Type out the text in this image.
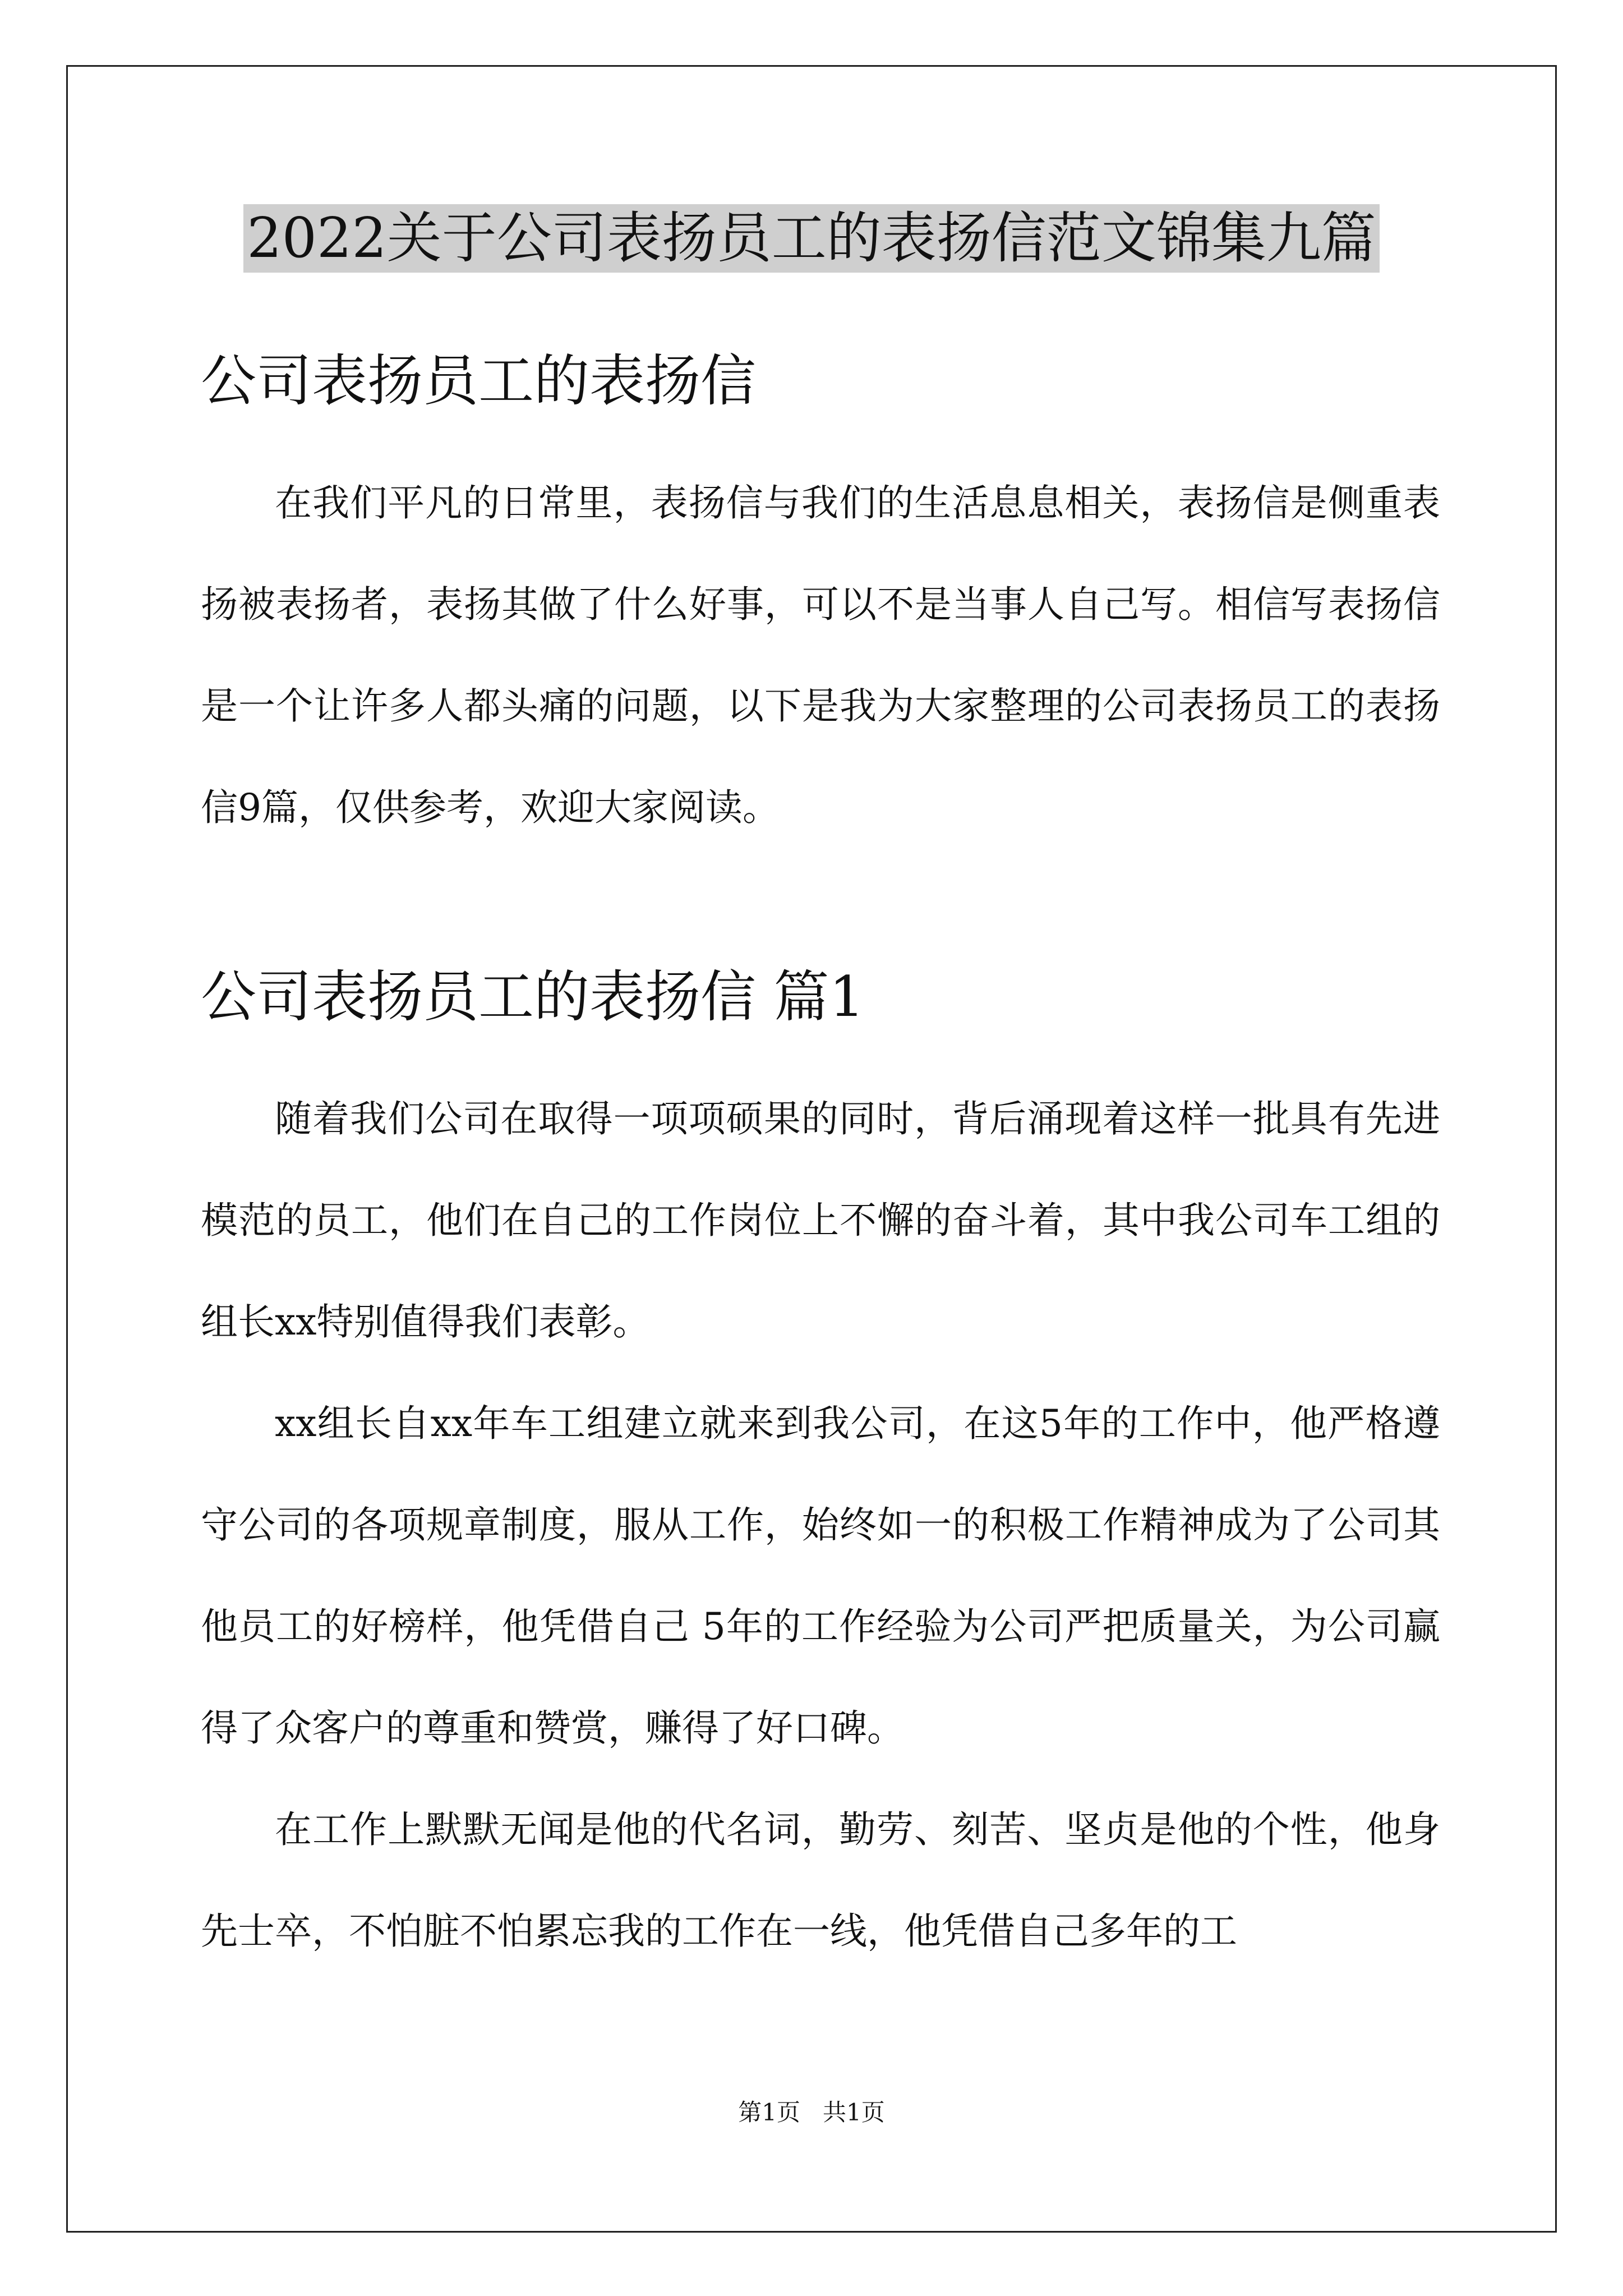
2022关于公司表扬员工的表扬信范文锦集九篇
公司表扬员工的表扬信

在我们平凡的日常里，表扬信与我们的生活息息相关，表扬信是侧重表扬被表扬者，表扬其做了什么好事，可以不是当事人自己写。相信写表扬信是一个让许多人都头痛的问题，以下是我为大家整理的公司表扬员工的表扬信9篇，仅供参考，欢迎大家阅读。

公司表扬员工的表扬信 篇1

随着我们公司在取得一项项硕果的同时，背后涌现着这样一批具有先进模范的员工，他们在自己的工作岗位上不懈的奋斗着，其中我公司车工组的组长xx特别值得我们表彰。

xx组长自xx年车工组建立就来到我公司，在这5年的工作中，他严格遵守公司的各项规章制度，服从工作，始终如一的积极工作精神成为了公司其他员工的好榜样，他凭借自己 5年的工作经验为公司严把质量关，为公司赢得了众客户的尊重和赞赏，赚得了好口碑。

在工作上默默无闻是他的代名词，勤劳、刻苦、坚贞是他的个性，他身先士卒，不怕脏不怕累忘我的工作在一线，他凭借自己多年的工

第1页   共1页
